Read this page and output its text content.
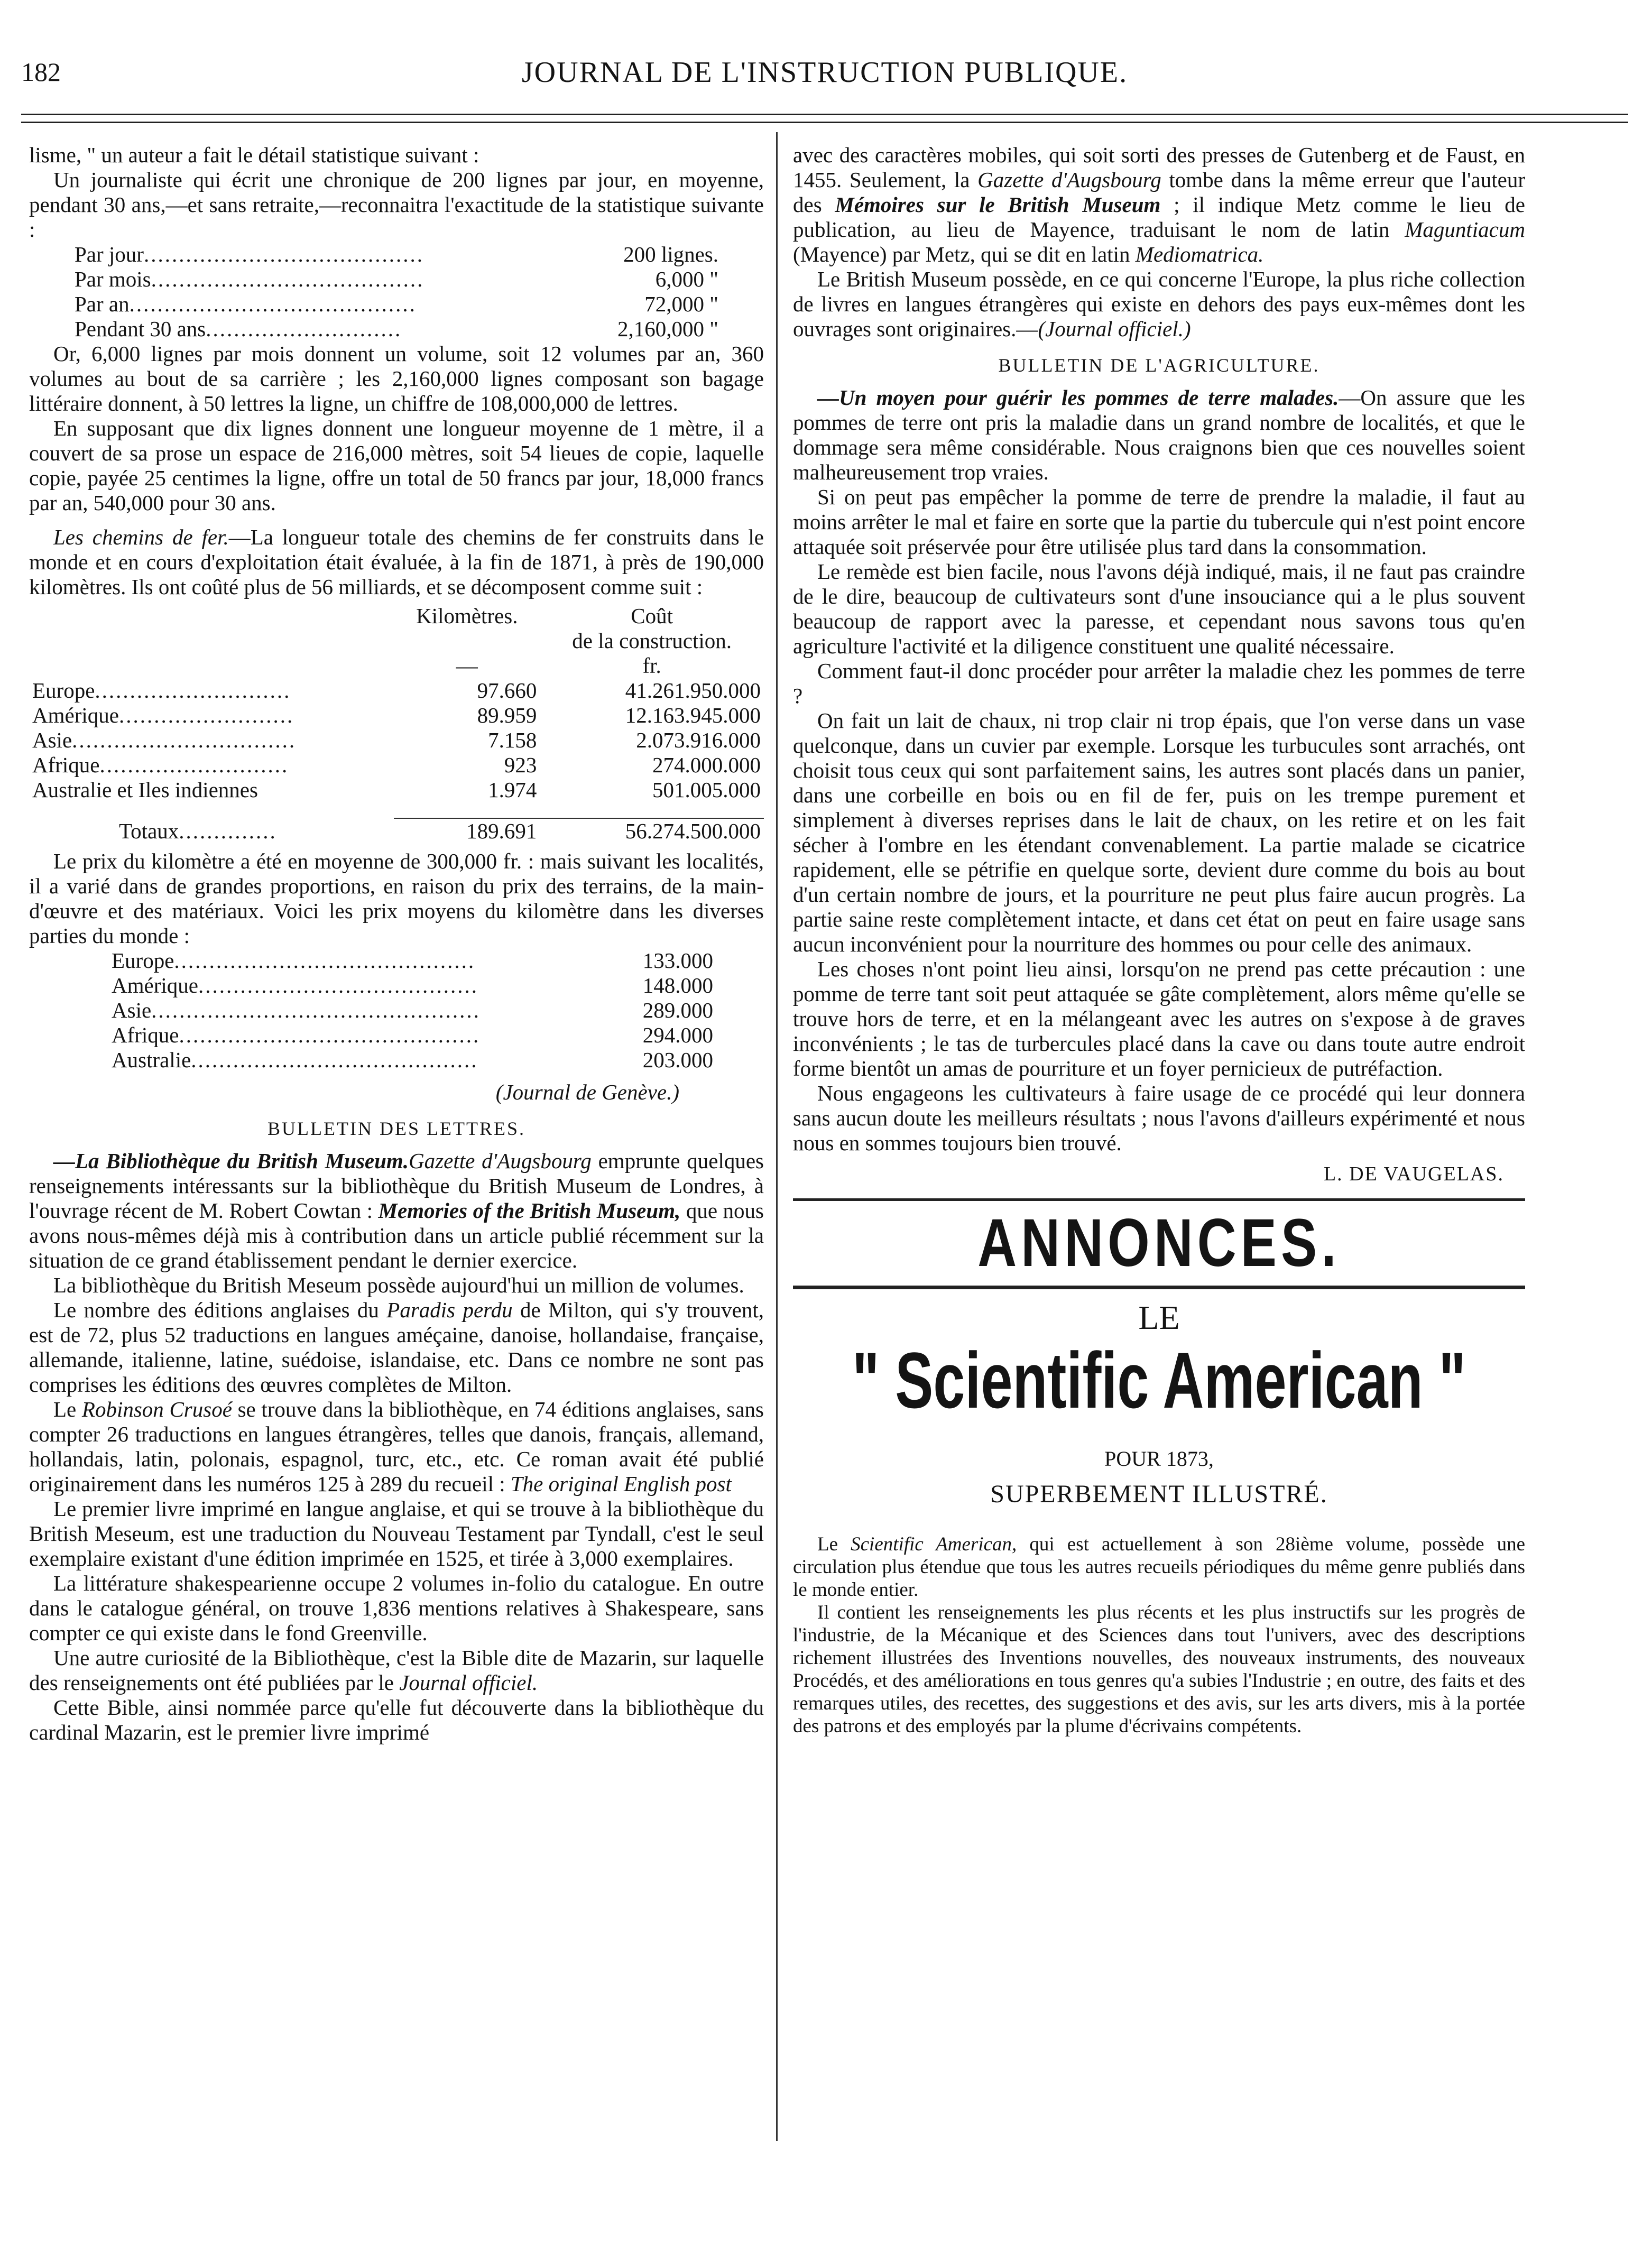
182	JOURNAL DE L'INSTRUCTION PUBLIQUE.

lisme, " un auteur a fait le détail statistique suivant :

Un journaliste qui écrit une chronique de 200 lignes par jour, en moyenne, pendant 30 ans,—et sans retraite,—reconnaitra l'exactitude de la statistique suivante :

Par jour........................................	200 lignes.
Par mois.......................................	6,000 "
Par an.........................................	72,000 "
Pendant 30 ans............................	2,160,000 "

Or, 6,000 lignes par mois donnent un volume, soit 12 volumes par an, 360 volumes au bout de sa carrière ; les 2,160,000 lignes composant son bagage littéraire donnent, à 50 lettres la ligne, un chiffre de 108,000,000 de lettres.

En supposant que dix lignes donnent une longueur moyenne de 1 mètre, il a couvert de sa prose un espace de 216,000 mètres, soit 54 lieues de copie, laquelle copie, payée 25 centimes la ligne, offre un total de 50 francs par jour, 18,000 francs par an, 540,000 pour 30 ans.

Les chemins de fer.—La longueur totale des chemins de fer construits dans le monde et en cours d'exploitation était évaluée, à la fin de 1871, à près de 190,000 kilomètres. Ils ont coûté plus de 56 milliards, et se décomposent comme suit :

	Kilomètres.	Coût
		de la construction.
	—	fr.
Europe............................	97.660	41.261.950.000
Amérique.........................	89.959	12.163.945.000
Asie................................	7.158	2.073.916.000
Afrique...........................	923	274.000.000
Australie et Iles indiennes	1.974	501.005.000

Totaux..............	189.691	56.274.500.000

Le prix du kilomètre a été en moyenne de 300,000 fr. : mais suivant les localités, il a varié dans de grandes proportions, en raison du prix des terrains, de la main-d'œuvre et des matériaux. Voici les prix moyens du kilomètre dans les diverses parties du monde :

Europe...........................................	133.000
Amérique........................................	148.000
Asie...............................................	289.000
Afrique...........................................	294.000
Australie.........................................	203.000

(Journal de Genève.)

BULLETIN DES LETTRES.

—La Bibliothèque du British Museum.Gazette d'Augsbourg emprunte quelques renseignements intéressants sur la bibliothèque du British Museum de Londres, à l'ouvrage récent de M. Robert Cowtan : Memories of the British Museum, que nous avons nous-mêmes déjà mis à contribution dans un article publié récemment sur la situation de ce grand établissement pendant le dernier exercice.

La bibliothèque du British Meseum possède aujourd'hui un million de volumes.

Le nombre des éditions anglaises du Paradis perdu de Milton, qui s'y trouvent, est de 72, plus 52 traductions en langues améçaine, danoise, hollandaise, française, allemande, italienne, latine, suédoise, islandaise, etc. Dans ce nombre ne sont pas comprises les éditions des œuvres complètes de Milton.

Le Robinson Crusoé se trouve dans la bibliothèque, en 74 éditions anglaises, sans compter 26 traductions en langues étrangères, telles que danois, français, allemand, hollandais, latin, polonais, espagnol, turc, etc., etc. Ce roman avait été publié originairement dans les numéros 125 à 289 du recueil : The original English post

Le premier livre imprimé en langue anglaise, et qui se trouve à la bibliothèque du British Meseum, est une traduction du Nouveau Testament par Tyndall, c'est le seul exemplaire existant d'une édition imprimée en 1525, et tirée à 3,000 exemplaires.

La littérature shakespearienne occupe 2 volumes in-folio du catalogue. En outre dans le catalogue général, on trouve 1,836 mentions relatives à Shakespeare, sans compter ce qui existe dans le fond Greenville.

Une autre curiosité de la Bibliothèque, c'est la Bible dite de Mazarin, sur laquelle des renseignements ont été publiées par le Journal officiel.

Cette Bible, ainsi nommée parce qu'elle fut découverte dans la bibliothèque du cardinal Mazarin, est le premier livre imprimé

avec des caractères mobiles, qui soit sorti des presses de Gutenberg et de Faust, en 1455. Seulement, la Gazette d'Augsbourg tombe dans la même erreur que l'auteur des Mémoires sur le British Museum ; il indique Metz comme le lieu de publication, au lieu de Mayence, traduisant le nom de latin Maguntiacum (Mayence) par Metz, qui se dit en latin Mediomatrica.

Le British Museum possède, en ce qui concerne l'Europe, la plus riche collection de livres en langues étrangères qui existe en dehors des pays eux-mêmes dont les ouvrages sont originaires.—(Journal officiel.)

BULLETIN DE L'AGRICULTURE.

—Un moyen pour guérir les pommes de terre malades.—On assure que les pommes de terre ont pris la maladie dans un grand nombre de localités, et que le dommage sera même considérable. Nous craignons bien que ces nouvelles soient malheureusement trop vraies.

Si on peut pas empêcher la pomme de terre de prendre la maladie, il faut au moins arrêter le mal et faire en sorte que la partie du tubercule qui n'est point encore attaquée soit préservée pour être utilisée plus tard dans la consommation.

Le remède est bien facile, nous l'avons déjà indiqué, mais, il ne faut pas craindre de le dire, beaucoup de cultivateurs sont d'une insouciance qui a le plus souvent beaucoup de rapport avec la paresse, et cependant nous savons tous qu'en agriculture l'activité et la diligence constituent une qualité nécessaire.

Comment faut-il donc procéder pour arrêter la maladie chez les pommes de terre ?

On fait un lait de chaux, ni trop clair ni trop épais, que l'on verse dans un vase quelconque, dans un cuvier par exemple. Lorsque les turbucules sont arrachés, ont choisit tous ceux qui sont parfaitement sains, les autres sont placés dans un panier, dans une corbeille en bois ou en fil de fer, puis on les trempe purement et simplement à diverses reprises dans le lait de chaux, on les retire et on les fait sécher à l'ombre en les étendant convenablement. La partie malade se cicatrice rapidement, elle se pétrifie en quelque sorte, devient dure comme du bois au bout d'un certain nombre de jours, et la pourriture ne peut plus faire aucun progrès. La partie saine reste complètement intacte, et dans cet état on peut en faire usage sans aucun inconvénient pour la nourriture des hommes ou pour celle des animaux.

Les choses n'ont point lieu ainsi, lorsqu'on ne prend pas cette précaution : une pomme de terre tant soit peut attaquée se gâte complètement, alors même qu'elle se trouve hors de terre, et en la mélangeant avec les autres on s'expose à de graves inconvénients ; le tas de turbercules placé dans la cave ou dans toute autre endroit forme bientôt un amas de pourriture et un foyer pernicieux de putréfaction.

Nous engageons les cultivateurs à faire usage de ce procédé qui leur donnera sans aucun doute les meilleurs résultats ; nous l'avons d'ailleurs expérimenté et nous nous en sommes toujours bien trouvé.

L. DE VAUGELAS.

ANNONCES.
LE
" Scientific American "
POUR 1873,
SUPERBEMENT ILLUSTRÉ.

Le Scientific American, qui est actuellement à son 28ième volume, possède une circulation plus étendue que tous les autres recueils périodiques du même genre publiés dans le monde entier.

Il contient les renseignements les plus récents et les plus instructifs sur les progrès de l'industrie, de la Mécanique et des Sciences dans tout l'univers, avec des descriptions richement illustrées des Inventions nouvelles, des nouveaux instruments, des nouveaux Procédés, et des améliorations en tous genres qu'a subies l'Industrie ; en outre, des faits et des remarques utiles, des recettes, des suggestions et des avis, sur les arts divers, mis à la portée des patrons et des employés par la plume d'écrivains compétents.
